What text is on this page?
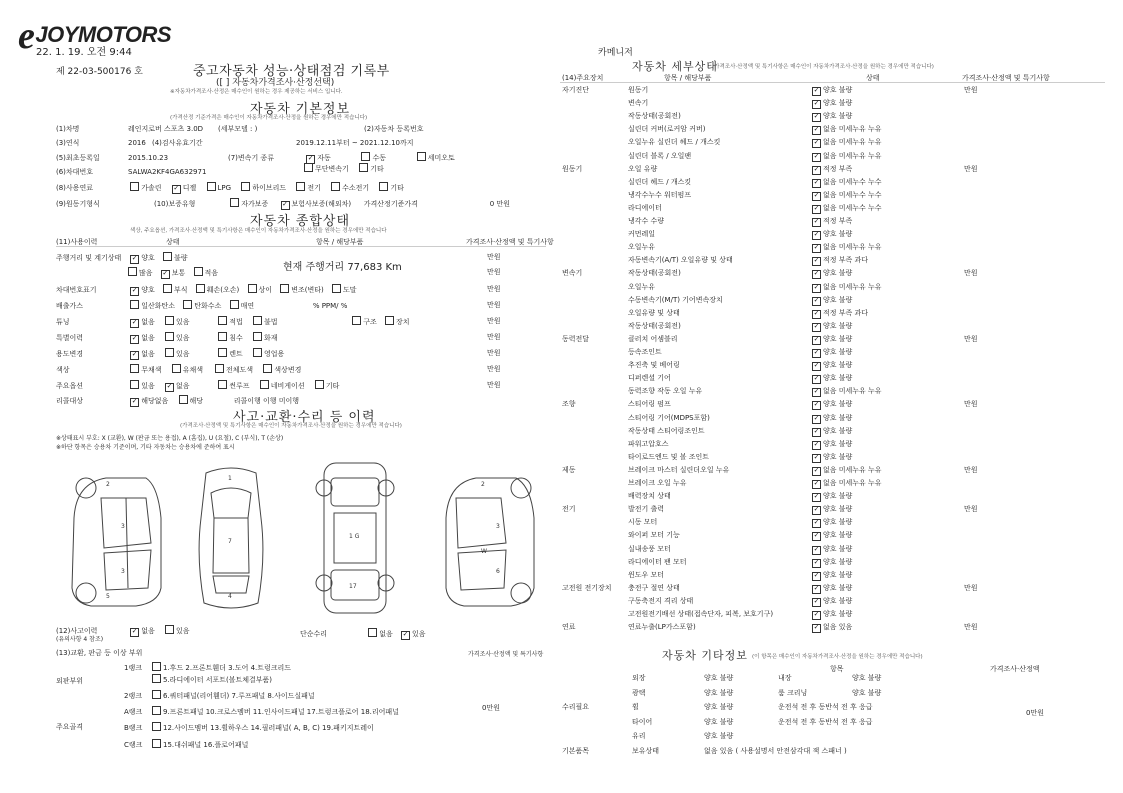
eJOYMOTORS
22. 1. 19. 오전 9:44
제 22-03-500176 호	중고자동차 성능·상태점검 기록부
([ ] 자동차가격조사·산정선택)
※자동차가격조사·산정은 매수인이 원하는 경우 제공하는 서비스 입니다.
자동차 기본정보
(가격산정 기준가격은 매수인이 자동차가격조사·산정을 원하는 경우에만 적습니다)
(1)차명	레인지로버 스포츠 3.0D (세부모델 : )	(2)자동차 등록번호
(3)연식	2016 (4)검사유효기간	2019.12.11부터 ~ 2021.12.10까지
(5)최초등록일	2015.10.23	(7)변속기 종류 ✓	자동	수동	세미오토
무단변속기	기타
(6)차대번호	SALWA2KF4GA632971
(8)사용연료	가솔린 ✓	디젤	LPG	하이브리드	전기	수소전기	기타
(9)원동기형식	(10)보증유형	자가보증 ✓	보험사보증(해외차) 가격산정기준가격	0 만원
자동차 종합상태
색상, 주요옵션, 가격조사·산정액 및 특기사항은 매수인이 자동차가격조사·산정을 원하는 경우에만 적습니다
(11)사용이력	상태	항목 / 해당부품	가격조사·산정액 및 특기사항
주행거리 및 계기상태 ✓	양호	불량	만원
현재 주행거리 77,683 Km
많음 ✓	보통	적음	만원
차대번호표기 ✓	양호	부식	훼손(오손)	상이	변조(변타)	도말	만원
배출가스	일산화탄소	탄화수소	매연	% PPM/ %	만원
튜닝 ✓	없음	있음	적법	불법	구조	장치	만원
특별이력 ✓	없음	있음	침수	화재	만원
용도변경 ✓	없음	있음	렌트	영업용	만원
색상	무채색	유채색	전체도색	색상변경	만원
주요옵션	있음 ✓	없음	썬루프	네비게이션	기타	만원
리콜대상 ✓	해당없음	해당	리콜이행 이행 미이행
사고·교환·수리 등 이력
(가격조사·산정액 및 특기사항은 매수인이 자동차가격조사·산정을 원하는 경우에만 적습니다)
※상태표시 부호: X (교환), W (판금 또는 용접), A (흠집), U (요철), C (부식), T (손상)
※하단 항목은 승용차 기준이며, 기타 자동차는 승용차에 준하여 표시
2
3
3
5
1
7
4
1 G
17
2
3
6
W
(12)사고이력 ✓	없음	있음
(유의사항 4 참조)
단순수리	없음 ✓	있음
(13)교환, 판금 등 이상 부위	가격조사·산정액 및 특기사항
외판부위
주요골격
1랭크	1.후드 2.프론트휀더 3.도어 4.트렁크리드
5.라디에이터 서포트(볼트체결부품)
2랭크	6.쿼터패널(리어휀더) 7.루프패널 8.사이드실패널
A랭크	9.프론트패널 10.크로스멤버 11.인사이드패널 17.트렁크플로어 18.리어패널
B랭크	12.사이드멤버 13.휠하우스 14.필러패널( A, B, C) 19.패키지트레이
C랭크	15.대쉬패널 16.플로어패널
0만원
카메니저
자동차 세부상태
(가격조사·산정액 및 특기사항은 매수인이 자동차가격조사·산정을 원하는 경우에만 적습니다)
(14)주요장치	항목 / 해당부품	상태	가격조사·산정액 및 특기사항
자기진단	원동기 ✓	양호 불량	만원
변속기 ✓	양호 불량
작동상태(공회전) ✓	양호 불량
실린더 커버(로커암 커버) ✓	없음 미세누유 누유
오일누유 실린더 헤드 / 개스킷 ✓	없음 미세누유 누유
실린더 블록 / 오일팬 ✓	없음 미세누유 누유
원동기	오일 유량 ✓	적정 부족	만원
실린더 헤드 / 개스킷 ✓	없음 미세누수 누수
냉각수누수 워터펌프 ✓	없음 미세누수 누수
라디에이터 ✓	없음 미세누수 누수
냉각수 수량 ✓	적정 부족
커먼레일 ✓	양호 불량
오일누유 ✓	없음 미세누유 누유
자동변속기(A/T) 오일유량 및 상태 ✓	적정 부족 과다
변속기	작동상태(공회전) ✓	양호 불량	만원
오일누유 ✓	없음 미세누유 누유
수동변속기(M/T) 기어변속장치 ✓	양호 불량
오일유량 및 상태 ✓	적정 부족 과다
작동상태(공회전) ✓	양호 불량
동력전달	클러치 어셈블리 ✓	양호 불량	만원
등속조인트 ✓	양호 불량
추진축 및 베어링 ✓	양호 불량
디퍼렌셜 기어 ✓	양호 불량
동력조향 작동 오일 누유 ✓	없음 미세누유 누유
조향	스티어링 펌프 ✓	양호 불량	만원
스티어링 기어(MDPS포함) ✓	양호 불량
작동상태 스티어링조인트 ✓	양호 불량
파워고압호스 ✓	양호 불량
타이로드엔드 및 볼 조인트 ✓	양호 불량
제동	브레이크 마스터 실린더오일 누유 ✓	없음 미세누유 누유	만원
브레이크 오일 누유 ✓	없음 미세누유 누유
배력장치 상태 ✓	양호 불량
전기	발전기 출력 ✓	양호 불량	만원
시동 모터 ✓	양호 불량
와이퍼 모터 기능 ✓	양호 불량
실내송풍 모터 ✓	양호 불량
라디에이터 팬 모터 ✓	양호 불량
윈도우 모터 ✓	양호 불량
고전원 전기장치 충전구 절연 상태 ✓	양호 불량	만원
구동축전지 격리 상태 ✓	양호 불량
고전원전기배선 상태(접속단자, 피복, 보호기구) ✓	양호 불량
연료	연료누출(LP가스포함) ✓	없음 있음	만원
자동차 기타정보 (이 항목은 매수인이 자동차가격조사·산정을 원하는 경우에만 적습니다)
항목	가격조사·산정액
외장	양호 불량	내장	양호 불량
광택	양호 불량	룸 크리닝	양호 불량
수리필요	휠	양호 불량	운전석 전 후 동반석 전 후 응급
타이어	양호 불량	운전석 전 후 동반석 전 후 응급
유리	양호 불량
기본품목	보유상태	없음 있음 ( 사용설명서 안전삼각대 잭 스패너 )
0만원
